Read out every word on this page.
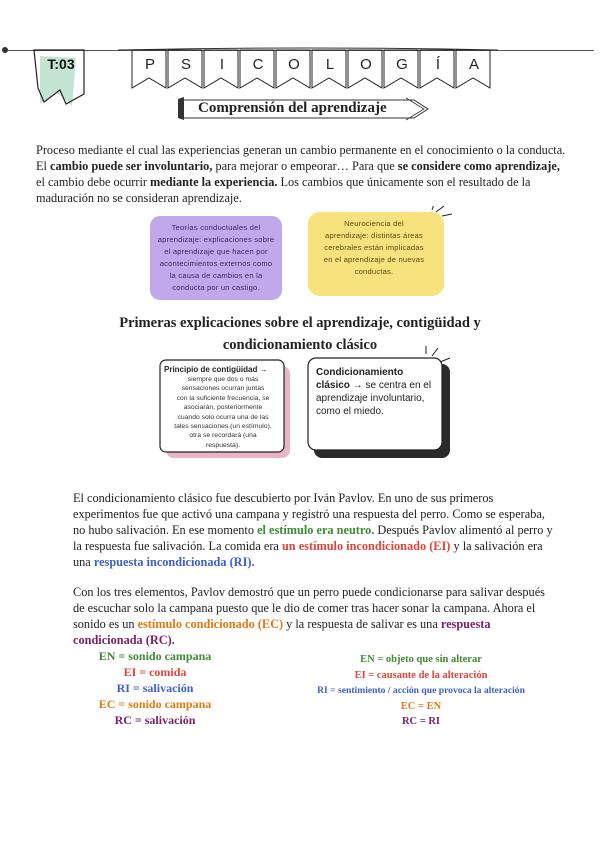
T:03	P	S	I	C	O	L	O	G	Í	A
Comprensión del aprendizaje

Proceso mediante el cual las experiencias generan un cambio permanente en el conocimiento o la conducta. El cambio puede ser involuntario, para mejorar o empeorar… Para que se considere como aprendizaje, el cambio debe ocurrir mediante la experiencia. Los cambios que únicamente son el resultado de la maduración no se consideran aprendizaje.

Teorías conductuales del
aprendizaje: explicaciones sobre
el aprendizaje que hacen por
acontecimientos externos como
la causa de cambios en la
conducta por un castigo.
Neurociencia del
aprendizaje: distintas áreas
cerebrales están implicadas
en el aprendizaje de nuevas
conductas.
Primeras explicaciones sobre el aprendizaje, contigüidad y
condicionamiento clásico
Principio de contigüidad →
siempre que dos o más
sensaciones ocurran juntas
con la suficiente frecuencia, se
asociarán, posteriormente
cuando solo ocurra una de las
tales sensaciones (un estímulo),
otra se recordará (una
respuesta).
Condicionamiento
clásico → se centra en el aprendizaje involuntario, como el miedo.

El condicionamiento clásico fue descubierto por Iván Pavlov. En uno de sus primeros experimentos fue que activó una campana y registró una respuesta del perro. Como se esperaba, no hubo salivación. En ese momento el estímulo era neutro. Después Pavlov alimentó al perro y la respuesta fue salivación. La comida era un estímulo incondicionado (EI) y la salivación era una respuesta incondicionada (RI).

Con los tres elementos, Pavlov demostró que un perro puede condicionarse para salivar después de escuchar solo la campana puesto que le dio de comer tras hacer sonar la campana. Ahora el sonido es un estímulo condicionado (EC) y la respuesta de salivar es una respuesta condicionada (RC).

EN = sonido campana
EI = comida
RI = salivación
EC = sonido campana
RC = salivación
EN = objeto que sin alterar
EI = causante de la alteración
RI = sentimiento / acción que provoca la alteración
EC = EN
RC = RI
